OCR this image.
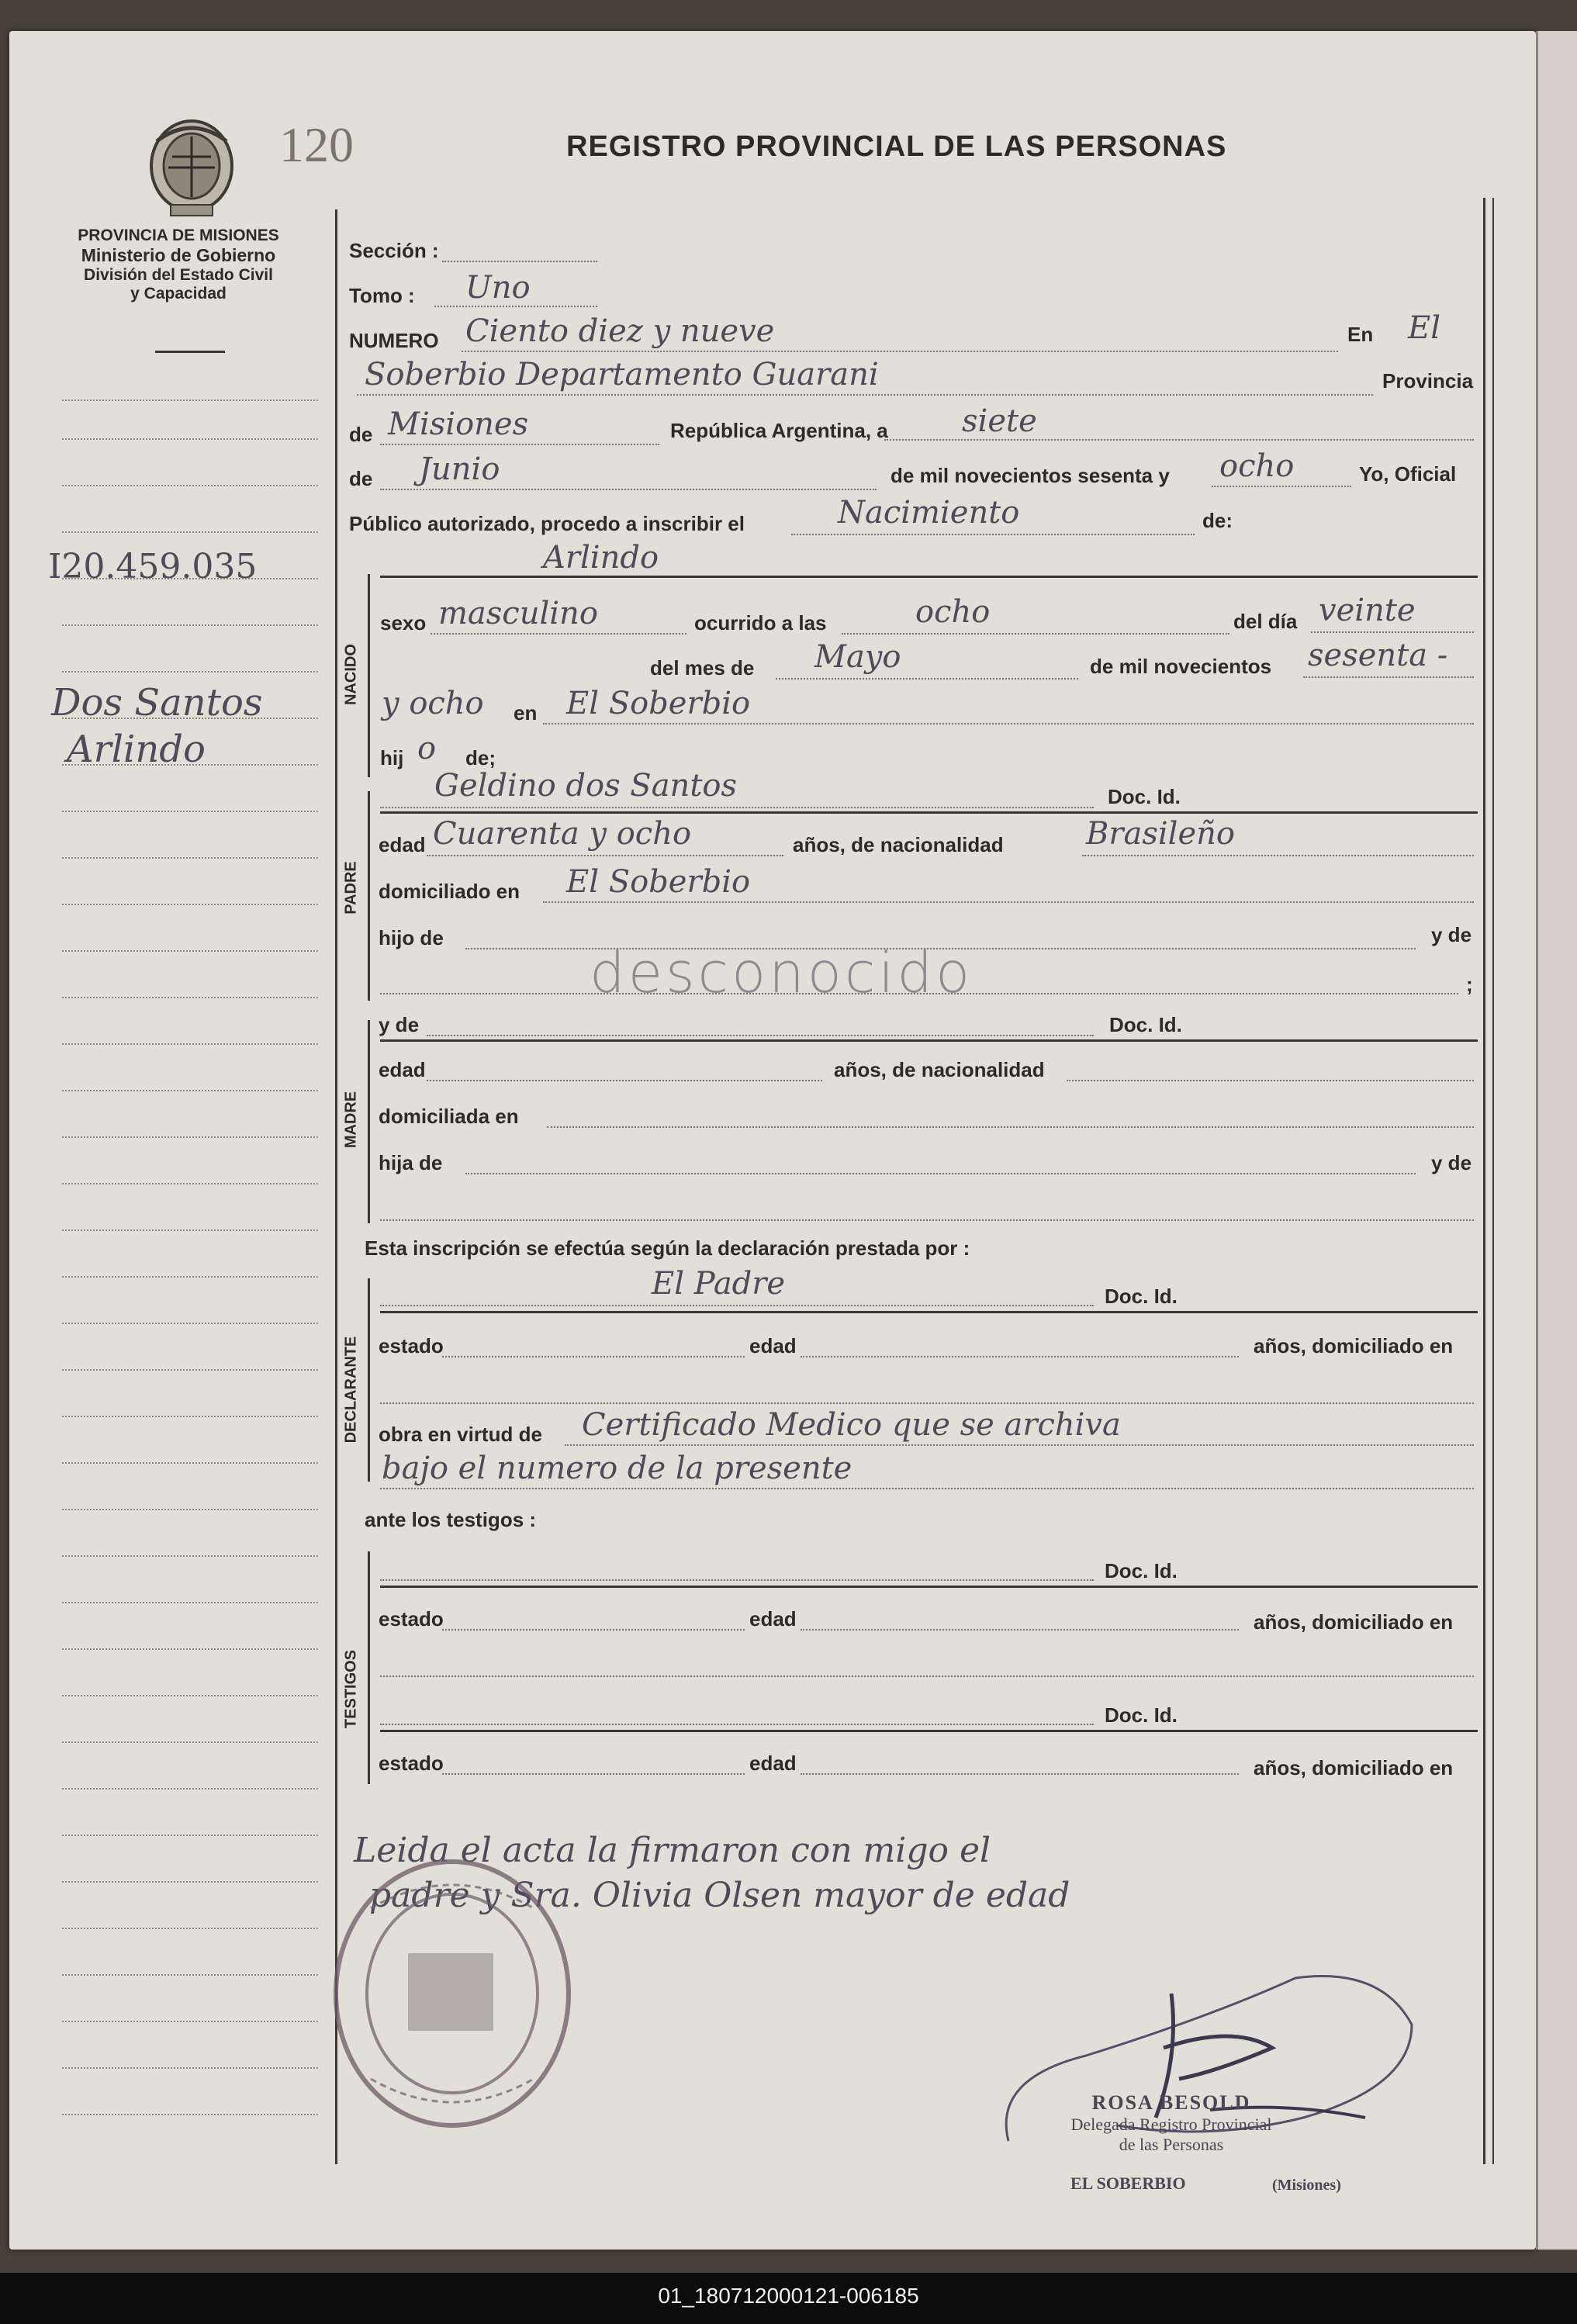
120	REGISTRO PROVINCIAL DE LAS PERSONAS
PROVINCIA DE MISIONES
Ministerio de Gobierno
División del Estado Civil
y Capacidad
I20.459.035
Dos Santos
Arlindo
NACIDO
PADRE
MADRE
DECLARANTE
TESTIGOS
Sección :
Tomo : Uno
NUMERO Ciento diez y nueve	En El
Soberbio Departamento Guarani	Provincia
de Misiones	República Argentina, a siete
de Junio	de mil novecientos sesenta y ocho	Yo, Oficial
Público autorizado, procedo a inscribir el	Nacimiento	de:
Arlindo
sexo masculino	ocurrido a las	ocho	del día veinte
del mes de Mayo	de mil novecientos sesenta -
y ocho en El Soberbio
hij o de;
Geldino dos Santos	Doc. Id.
edad Cuarenta y ocho	años, de nacionalidad	Brasileño
domiciliado en El Soberbio
hijo de	y de
;
desconocido
y de	Doc. Id.
edad	años, de nacionalidad
domiciliada en
hija de	y de
Esta inscripción se efectúa según la declaración prestada por :
El Padre	Doc. Id.
estado	edad	años, domiciliado en
obra en virtud de Certificado Medico que se archiva
bajo el numero de la presente
ante los testigos :
Doc. Id.
estado	edad	años, domiciliado en
Doc. Id.
estado	edad	años, domiciliado en
Leida el acta la firmaron con migo el
padre y Sra. Olivia Olsen mayor de edad
ROSA BESOLD
Delegada Registro Provincial
de las Personas
EL SOBERBIO	(Misiones)
01_180712000121-006185
